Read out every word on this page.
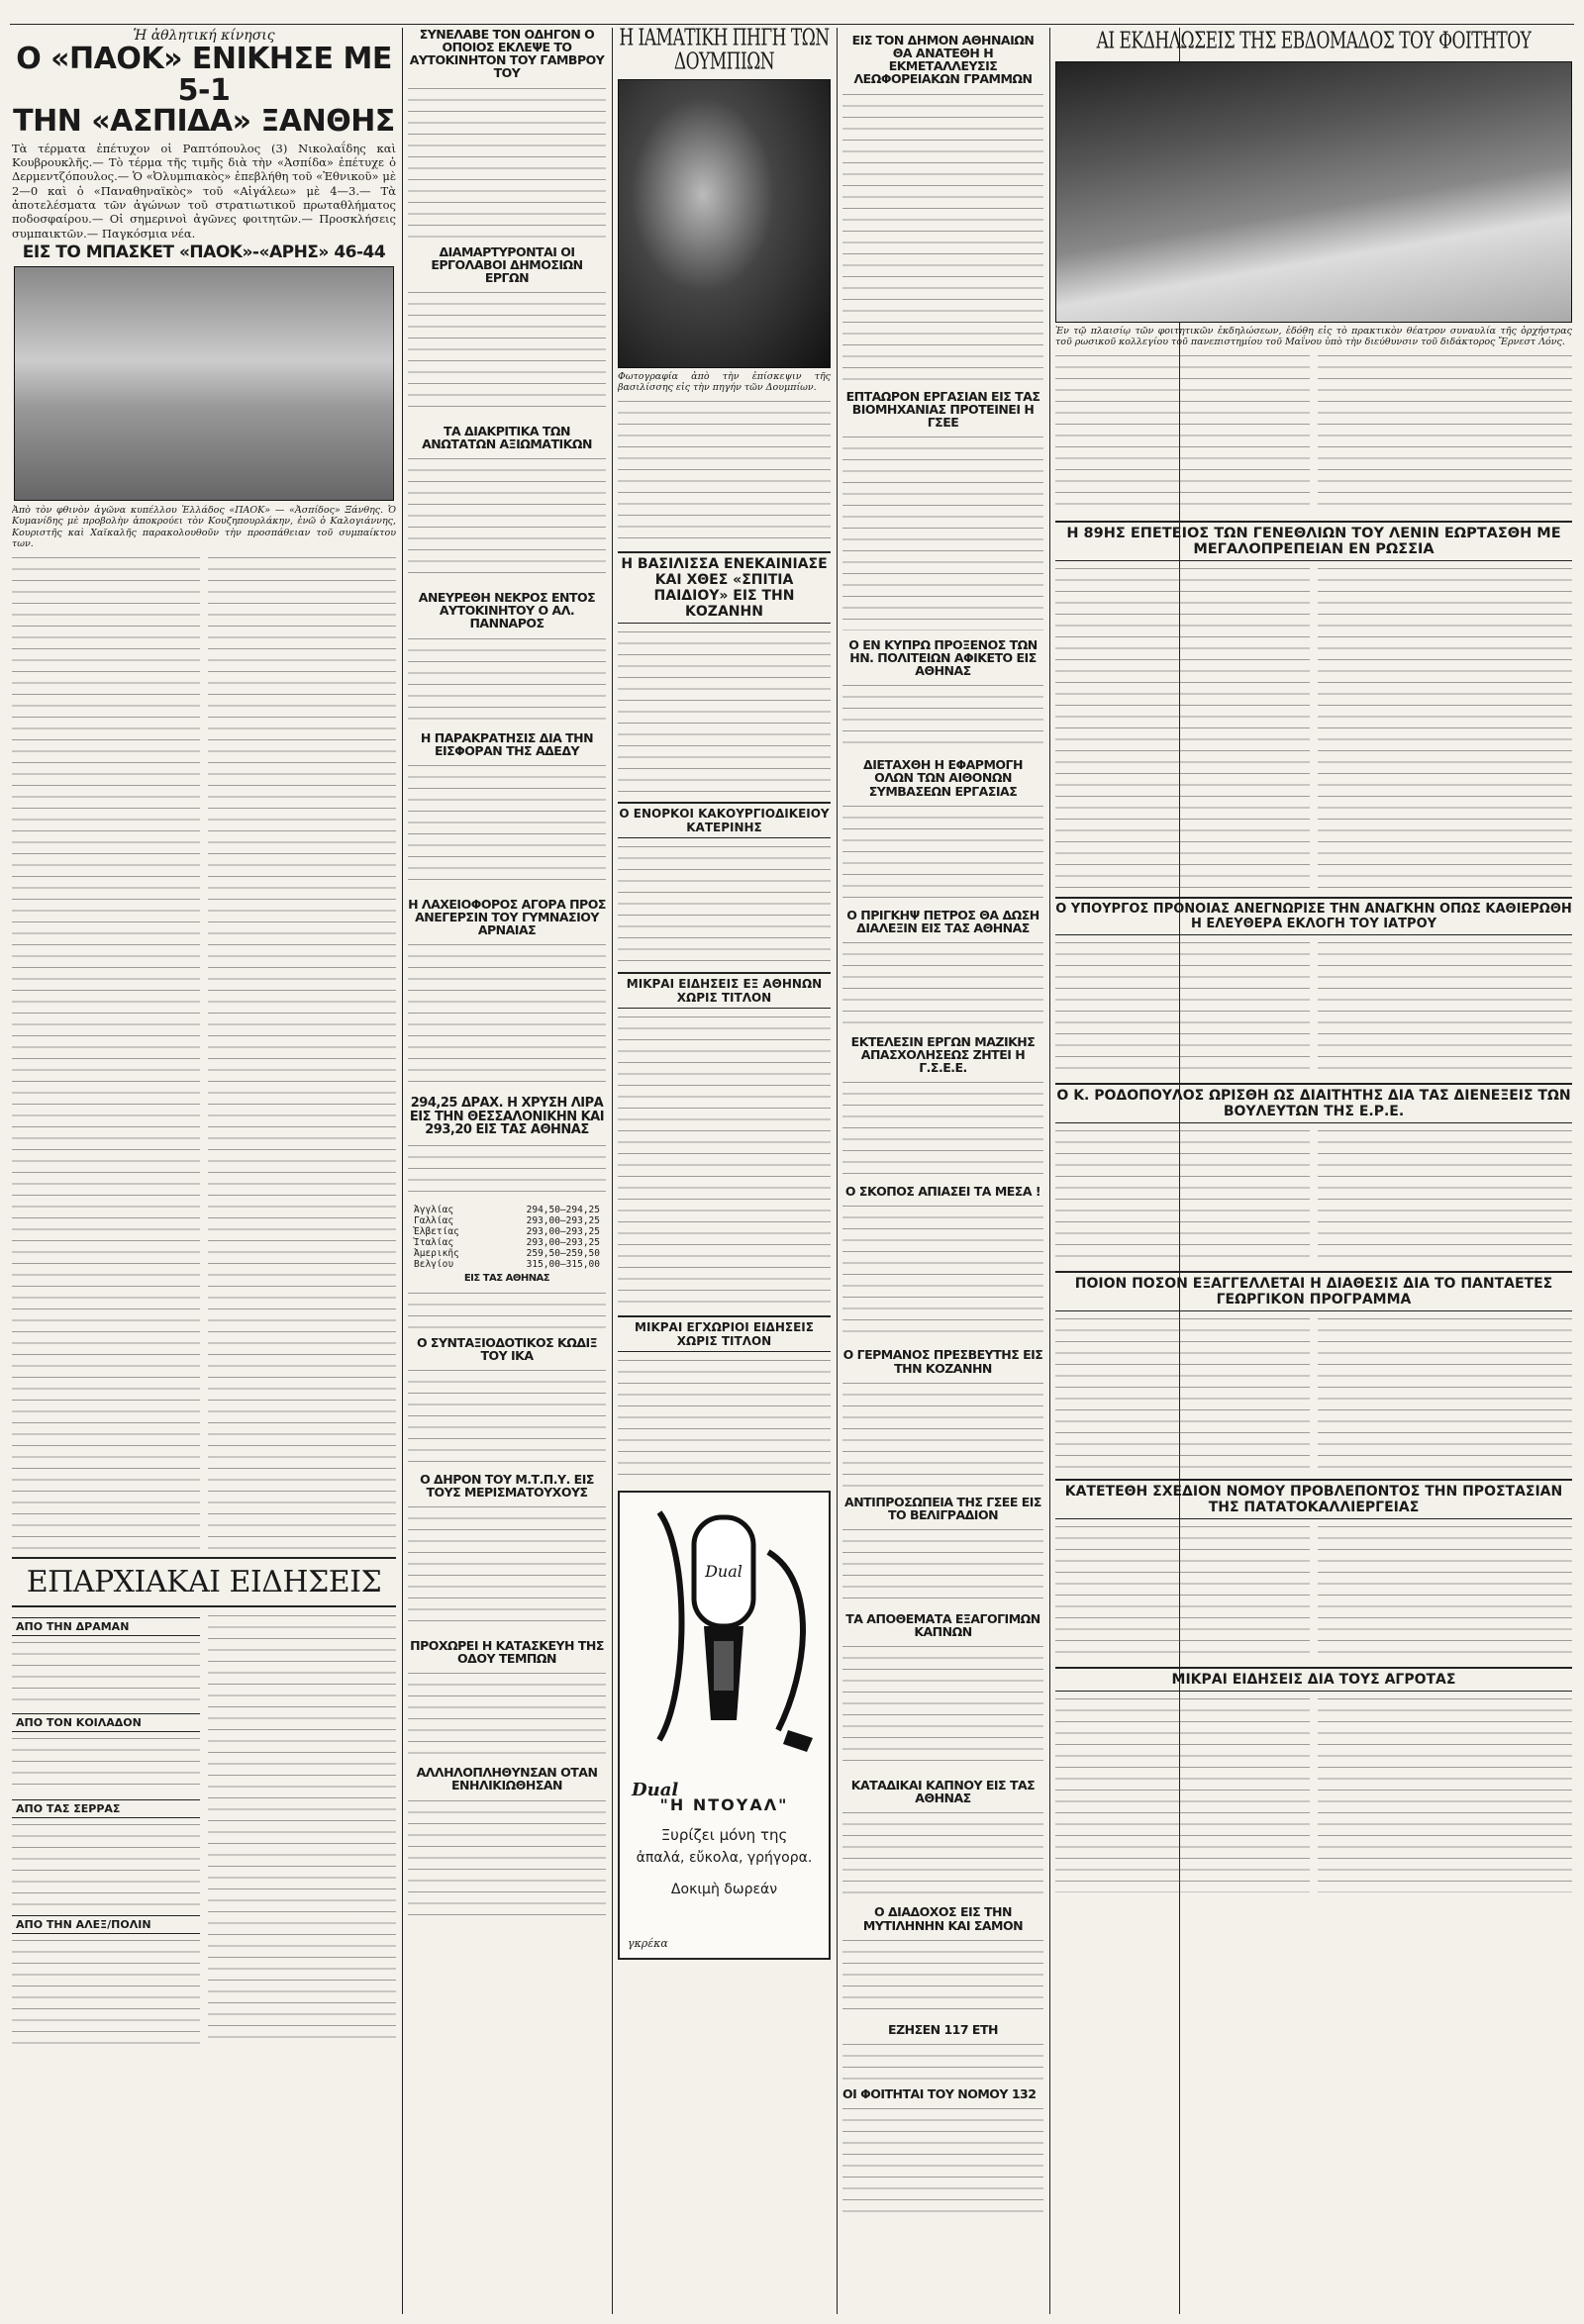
Ἡ ἀθλητική κίνησις
Ο «ΠΑΟΚ» ΕΝΙΚΗΣΕ ΜΕ 5-1
ΤΗΝ «ΑΣΠΙΔΑ» ΞΑΝΘΗΣ
Τὰ τέρματα ἐπέτυχον οἱ Ραπτόπουλος (3) Νικολαΐδης καὶ Κουβρουκλῆς.— Τὸ τέρμα τῆς τιμῆς διὰ τὴν «Ἀσπίδα» ἐπέτυχε ὁ Δερμεντζόπουλος.— Ὁ «Ὀλυμπιακὸς» ἐπεβλήθη τοῦ «Ἐθνικοῦ» μὲ 2—0 καὶ ὁ «Παναθηναϊκὸς» τοῦ «Αἰγάλεω» μὲ 4—3.— Τὰ ἀποτελέσματα τῶν ἀγώνων τοῦ στρατιωτικοῦ πρωταθλήματος ποδοσφαίρου.— Οἱ σημερινοὶ ἀγῶνες φοιτητῶν.— Προσκλήσεις συμπαικτῶν.— Παγκόσμια νέα.
ΕΙΣ ΤΟ ΜΠΑΣΚΕΤ «ΠΑΟΚ»-«ΑΡΗΣ» 46-44
Ἀπὸ τὸν φθινὸν ἀγῶνα κυπέλλου Ἑλλάδος «ΠΑΟΚ» — «Ἀσπίδος» Ξάνθης. Ὁ Κυμανίδης μὲ προβολὴν ἀποκρούει τὸν Κουζηπουρλάκην, ἐνῶ ὁ Καλογιάννης, Κουριστῆς καὶ Χαϊκαλῆς παρακολουθοῦν τὴν προσπάθειαν τοῦ συμπαίκτου των.
ΕΠΑΡΧΙΑΚΑΙ ΕΙΔΗΣΕΙΣ
ΑΠΟ ΤΗΝ ΔΡΑΜΑΝ
ΑΠΟ ΤΟΝ ΚΟΙΛΑΔΟΝ
ΑΠΟ ΤΑΣ ΣΕΡΡΑΣ
ΑΠΟ ΤΗΝ ΑΛΕΞ/ΠΟΛΙΝ
ΣΥΝΕΛΑΒΕ ΤΟΝ ΟΔΗΓΟΝ Ο ΟΠΟΙΟΣ ΕΚΛΕΨΕ ΤΟ ΑΥΤΟΚΙΝΗΤΟΝ ΤΟΥ ΓΑΜΒΡΟΥ ΤΟΥ
ΔΙΑΜΑΡΤΥΡΟΝΤΑΙ ΟΙ ΕΡΓΟΛΑΒΟΙ ΔΗΜΟΣΙΩΝ ΕΡΓΩΝ
ΤΑ ΔΙΑΚΡΙΤΙΚΑ ΤΩΝ ΑΝΩΤΑΤΩΝ ΑΞΙΩΜΑΤΙΚΩΝ
ΑΝΕΥΡΕΘΗ ΝΕΚΡΟΣ ΕΝΤΟΣ ΑΥΤΟΚΙΝΗΤΟΥ Ο ΑΛ. ΠΑΝΝΑΡΟΣ
Η ΠΑΡΑΚΡΑΤΗΣΙΣ ΔΙΑ ΤΗΝ ΕΙΣΦΟΡΑΝ ΤΗΣ ΑΔΕΔΥ
Η ΛΑΧΕΙΟΦΟΡΟΣ ΑΓΟΡΑ ΠΡΟΣ ΑΝΕΓΕΡΣΙΝ ΤΟΥ ΓΥΜΝΑΣΙΟΥ ΑΡΝΑΙΑΣ
294,25 ΔΡΑΧ. Η ΧΡΥΣΗ ΛΙΡΑ ΕΙΣ ΤΗΝ ΘΕΣΣΑΛΟΝΙΚΗΝ ΚΑΙ 293,20 ΕΙΣ ΤΑΣ ΑΘΗΝΑΣ
Ἀγγλίας	294,50—294,25
Γαλλίας	293,00—293,25
Ἐλβετίας	293,00—293,25
Ἰταλίας	293,00—293,25
Ἀμερικῆς	259,50—259,50
Βελγίου	315,00—315,00
ΕΙΣ ΤΑΣ ΑΘΗΝΑΣ
Ο ΣΥΝΤΑΞΙΟΔΟΤΙΚΟΣ ΚΩΔΙΞ ΤΟΥ ΙΚΑ
Ο ΔΗΡΟΝ ΤΟΥ Μ.Τ.Π.Υ. ΕΙΣ ΤΟΥΣ ΜΕΡΙΣΜΑΤΟΥΧΟΥΣ
ΠΡΟΧΩΡΕΙ Η ΚΑΤΑΣΚΕΥΗ ΤΗΣ ΟΔΟΥ ΤΕΜΠΩΝ
ΑΛΛΗΛΟΠΛΗΘΥΝΣΑΝ ΟΤΑΝ ΕΝΗΛΙΚΙΩΘΗΣΑΝ
Η ΙΑΜΑΤΙΚΗ ΠΗΓΗ ΤΩΝ ΔΟΥΜΠΙΩΝ
Φωτογραφία ἀπὸ τὴν ἐπίσκεψιν τῆς βασιλίσσης εἰς τὴν πηγήν τῶν Δουμπίων.
Η ΒΑΣΙΛΙΣΣΑ ΕΝΕΚΑΙΝΙΑΣΕ ΚΑΙ ΧΘΕΣ «ΣΠΙΤΙΑ ΠΑΙΔΙΟΥ» ΕΙΣ ΤΗΝ ΚΟΖΑΝΗΝ
Ο ΕΝΟΡΚΟΙ ΚΑΚΟΥΡΓΙΟΔΙΚΕΙΟΥ ΚΑΤΕΡΙΝΗΣ
ΜΙΚΡΑΙ ΕΙΔΗΣΕΙΣ ΕΞ ΑΘΗΝΩΝ ΧΩΡΙΣ ΤΙΤΛΟΝ
ΜΙΚΡΑΙ ΕΓΧΩΡΙΟΙ ΕΙΔΗΣΕΙΣ ΧΩΡΙΣ ΤΙΤΛΟΝ
Dual
Dual
"Η ΝΤΟΥΑΛ"
Ξυρίζει μόνη της
ἀπαλά, εὔκολα, γρήγορα.
Δοκιμὴ δωρεάν
γκρέκα
ΕΙΣ ΤΟΝ ΔΗΜΟΝ ΑΘΗΝΑΙΩΝ ΘΑ ΑΝΑΤΕΘΗ Η ΕΚΜΕΤΑΛΛΕΥΣΙΣ ΛΕΩΦΟΡΕΙΑΚΩΝ ΓΡΑΜΜΩΝ
ΕΠΤΑΩΡΟΝ ΕΡΓΑΣΙΑΝ ΕΙΣ ΤΑΣ ΒΙΟΜΗΧΑΝΙΑΣ ΠΡΟΤΕΙΝΕΙ Η ΓΣΕΕ
Ο ΕΝ ΚΥΠΡΩ ΠΡΟΞΕΝΟΣ ΤΩΝ ΗΝ. ΠΟΛΙΤΕΙΩΝ ΑΦΙΚΕΤΟ ΕΙΣ ΑΘΗΝΑΣ
ΔΙΕΤΑΧΘΗ Η ΕΦΑΡΜΟΓΗ ΟΛΩΝ ΤΩΝ ΑΙΘΟΝΩΝ ΣΥΜΒΑΣΕΩΝ ΕΡΓΑΣΙΑΣ
Ο ΠΡΙΓΚΗΨ ΠΕΤΡΟΣ ΘΑ ΔΩΣΗ ΔΙΑΛΕΞΙΝ ΕΙΣ ΤΑΣ ΑΘΗΝΑΣ
ΕΚΤΕΛΕΣΙΝ ΕΡΓΩΝ ΜΑΖΙΚΗΣ ΑΠΑΣΧΟΛΗΣΕΩΣ ΖΗΤΕΙ Η Γ.Σ.Ε.Ε.
Ο ΣΚΟΠΟΣ ΑΠΙΑΣΕΙ ΤΑ ΜΕΣΑ !
Ο ΓΕΡΜΑΝΟΣ ΠΡΕΣΒΕΥΤΗΣ ΕΙΣ ΤΗΝ ΚΟΖΑΝΗΝ
ΑΝΤΙΠΡΟΣΩΠΕΙΑ ΤΗΣ ΓΣΕΕ ΕΙΣ ΤΟ ΒΕΛΙΓΡΑΔΙΟΝ
ΤΑ ΑΠΟΘΕΜΑΤΑ ΕΞΑΓΟΓΙΜΩΝ ΚΑΠΝΩΝ
ΚΑΤΑΔΙΚΑΙ ΚΑΠΝΟΥ ΕΙΣ ΤΑΣ ΑΘΗΝΑΣ
Ο ΔΙΑΔΟΧΟΣ ΕΙΣ ΤΗΝ ΜΥΤΙΛΗΝΗΝ ΚΑΙ ΣΑΜΟΝ
ΕΖΗΣΕΝ 117 ΕΤΗ
ΟΙ ΦΟΙΤΗΤΑΙ ΤΟΥ ΝΟΜΟΥ 132
ΑΙ ΕΚΔΗΛΩΣΕΙΣ ΤΗΣ ΕΒΔΟΜΑΔΟΣ ΤΟΥ ΦΟΙΤΗΤΟΥ
Ἐν τῷ πλαισίῳ τῶν φοιτητικῶν ἐκδηλώσεων, ἐδόθη εἰς τὸ πρακτικὸν θέατρον συναυλία τῆς ὀρχήστρας τοῦ ρωσικοῦ κολλεγίου τοῦ πανεπιστημίου τοῦ Μαΐνου ὑπὸ τὴν διεύθυνσιν τοῦ διδάκτορος Ἔρνεστ Λόνς.
Η 89ΗΣ ΕΠΕΤΕΙΟΣ ΤΩΝ ΓΕΝΕΘΛΙΩΝ ΤΟΥ ΛΕΝΙΝ ΕΩΡΤΑΣΘΗ ΜΕ ΜΕΓΑΛΟΠΡΕΠΕΙΑΝ ΕΝ ΡΩΣΣΙΑ
Ο ΥΠΟΥΡΓΟΣ ΠΡΟΝΟΙΑΣ ΑΝΕΓΝΩΡΙΣΕ ΤΗΝ ΑΝΑΓΚΗΝ ΟΠΩΣ ΚΑΘΙΕΡΩΘΗ Η ΕΛΕΥΘΕΡΑ ΕΚΛΟΓΗ ΤΟΥ ΙΑΤΡΟΥ
Ο Κ. ΡΟΔΟΠΟΥΛΟΣ ΩΡΙΣΘΗ ΩΣ ΔΙΑΙΤΗΤΗΣ ΔΙΑ ΤΑΣ ΔΙΕΝΕΞΕΙΣ ΤΩΝ ΒΟΥΛΕΥΤΩΝ ΤΗΣ Ε.Ρ.Ε.
ΠΟΙΟΝ ΠΟΣΟΝ ΕΞΑΓΓΕΛΛΕΤΑΙ Η ΔΙΑΘΕΣΙΣ ΔΙΑ ΤΟ ΠΑΝΤΑΕΤΕΣ ΓΕΩΡΓΙΚΟΝ ΠΡΟΓΡΑΜΜΑ
ΚΑΤΕΤΕΘΗ ΣΧΕΔΙΟΝ ΝΟΜΟΥ ΠΡΟΒΛΕΠΟΝΤΟΣ ΤΗΝ ΠΡΟΣΤΑΣΙΑΝ ΤΗΣ ΠΑΤΑΤΟΚΑΛΛΙΕΡΓΕΙΑΣ
ΜΙΚΡΑΙ ΕΙΔΗΣΕΙΣ ΔΙΑ ΤΟΥΣ ΑΓΡΟΤΑΣ
